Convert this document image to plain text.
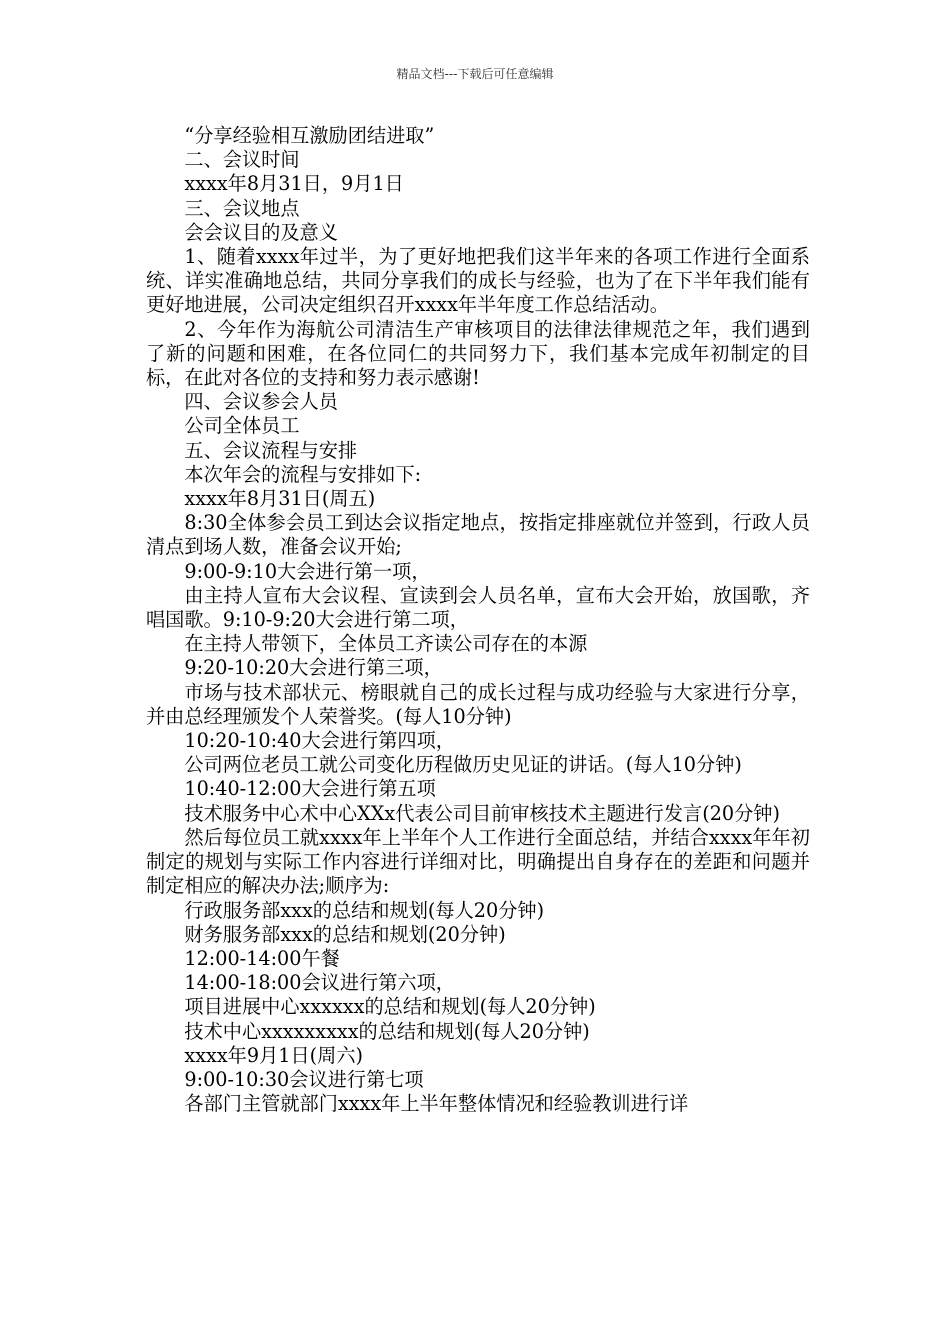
精品文档---下载后可任意编辑

“分享经验相互激励团结进取”

二、会议时间

xxxx年8月31日，9月1日

三、会议地点

会会议目的及意义

1、随着xxxx年过半，为了更好地把我们这半年来的各项工作进行全面系统、详实准确地总结，共同分享我们的成长与经验，也为了在下半年我们能有更好地进展，公司决定组织召开xxxx年半年度工作总结活动。

2、今年作为海航公司清洁生产审核项目的法律法律规范之年，我们遇到了新的问题和困难，在各位同仁的共同努力下，我们基本完成年初制定的目标，在此对各位的支持和努力表示感谢!

四、会议参会人员

公司全体员工

五、会议流程与安排

本次年会的流程与安排如下:

xxxx年8月31日(周五)

8:30全体参会员工到达会议指定地点，按指定排座就位并签到，行政人员清点到场人数，准备会议开始;

9:00-9:10大会进行第一项，

由主持人宣布大会议程、宣读到会人员名单，宣布大会开始，放国歌，齐唱国歌。9:10-9:20大会进行第二项，

在主持人带领下，全体员工齐读公司存在的本源

9:20-10:20大会进行第三项，

市场与技术部状元、榜眼就自己的成长过程与成功经验与大家进行分享，并由总经理颁发个人荣誉奖。(每人10分钟)

10:20-10:40大会进行第四项，

公司两位老员工就公司变化历程做历史见证的讲话。(每人10分钟)

10:40-12:00大会进行第五项

技术服务中心术中心XXx代表公司目前审核技术主题进行发言(20分钟)

然后每位员工就xxxx年上半年个人工作进行全面总结，并结合xxxx年年初制定的规划与实际工作内容进行详细对比，明确提出自身存在的差距和问题并制定相应的解决办法;顺序为:

行政服务部xxx的总结和规划(每人20分钟)

财务服务部xxx的总结和规划(20分钟)

12:00-14:00午餐

14:00-18:00会议进行第六项，

项目进展中心xxxxxx的总结和规划(每人20分钟)

技术中心xxxxxxxxx的总结和规划(每人20分钟)

xxxx年9月1日(周六)

9:00-10:30会议进行第七项

各部门主管就部门xxxx年上半年整体情况和经验教训进行详
